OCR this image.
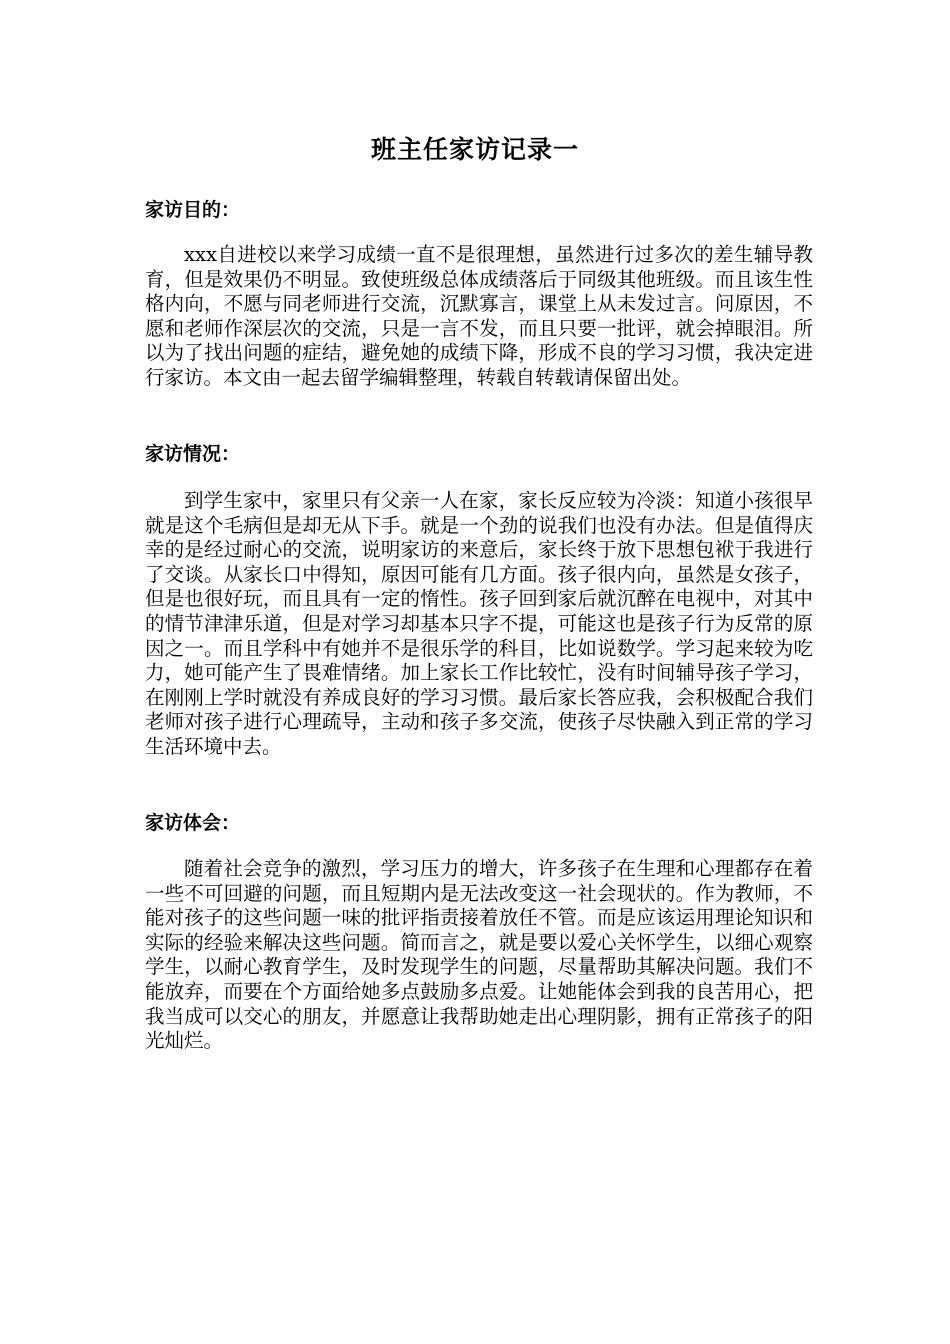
班主任家访记录一
家访目的：

xxx自进校以来学习成绩一直不是很理想，虽然进行过多次的差生辅导教育，但是效果仍不明显。致使班级总体成绩落后于同级其他班级。而且该生性格内向，不愿与同老师进行交流，沉默寡言，课堂上从未发过言。问原因，不愿和老师作深层次的交流，只是一言不发，而且只要一批评，就会掉眼泪。所以为了找出问题的症结，避免她的成绩下降，形成不良的学习习惯，我决定进行家访。本文由一起去留学编辑整理，转载自转载请保留出处。

家访情况：

到学生家中，家里只有父亲一人在家，家长反应较为冷淡：知道小孩很早就是这个毛病但是却无从下手。就是一个劲的说我们也没有办法。但是值得庆幸的是经过耐心的交流，说明家访的来意后，家长终于放下思想包袱于我进行了交谈。从家长口中得知，原因可能有几方面。孩子很内向，虽然是女孩子，但是也很好玩，而且具有一定的惰性。孩子回到家后就沉醉在电视中，对其中的情节津津乐道，但是对学习却基本只字不提，可能这也是孩子行为反常的原因之一。而且学科中有她并不是很乐学的科目，比如说数学。学习起来较为吃力，她可能产生了畏难情绪。加上家长工作比较忙，没有时间辅导孩子学习，在刚刚上学时就没有养成良好的学习习惯。最后家长答应我，会积极配合我们老师对孩子进行心理疏导，主动和孩子多交流，使孩子尽快融入到正常的学习生活环境中去。

家访体会：

随着社会竞争的激烈，学习压力的增大，许多孩子在生理和心理都存在着一些不可回避的问题，而且短期内是无法改变这一社会现状的。作为教师，不能对孩子的这些问题一味的批评指责接着放任不管。而是应该运用理论知识和实际的经验来解决这些问题。简而言之，就是要以爱心关怀学生，以细心观察学生，以耐心教育学生，及时发现学生的问题，尽量帮助其解决问题。我们不能放弃，而要在个方面给她多点鼓励多点爱。让她能体会到我的良苦用心，把我当成可以交心的朋友，并愿意让我帮助她走出心理阴影，拥有正常孩子的阳光灿烂。
